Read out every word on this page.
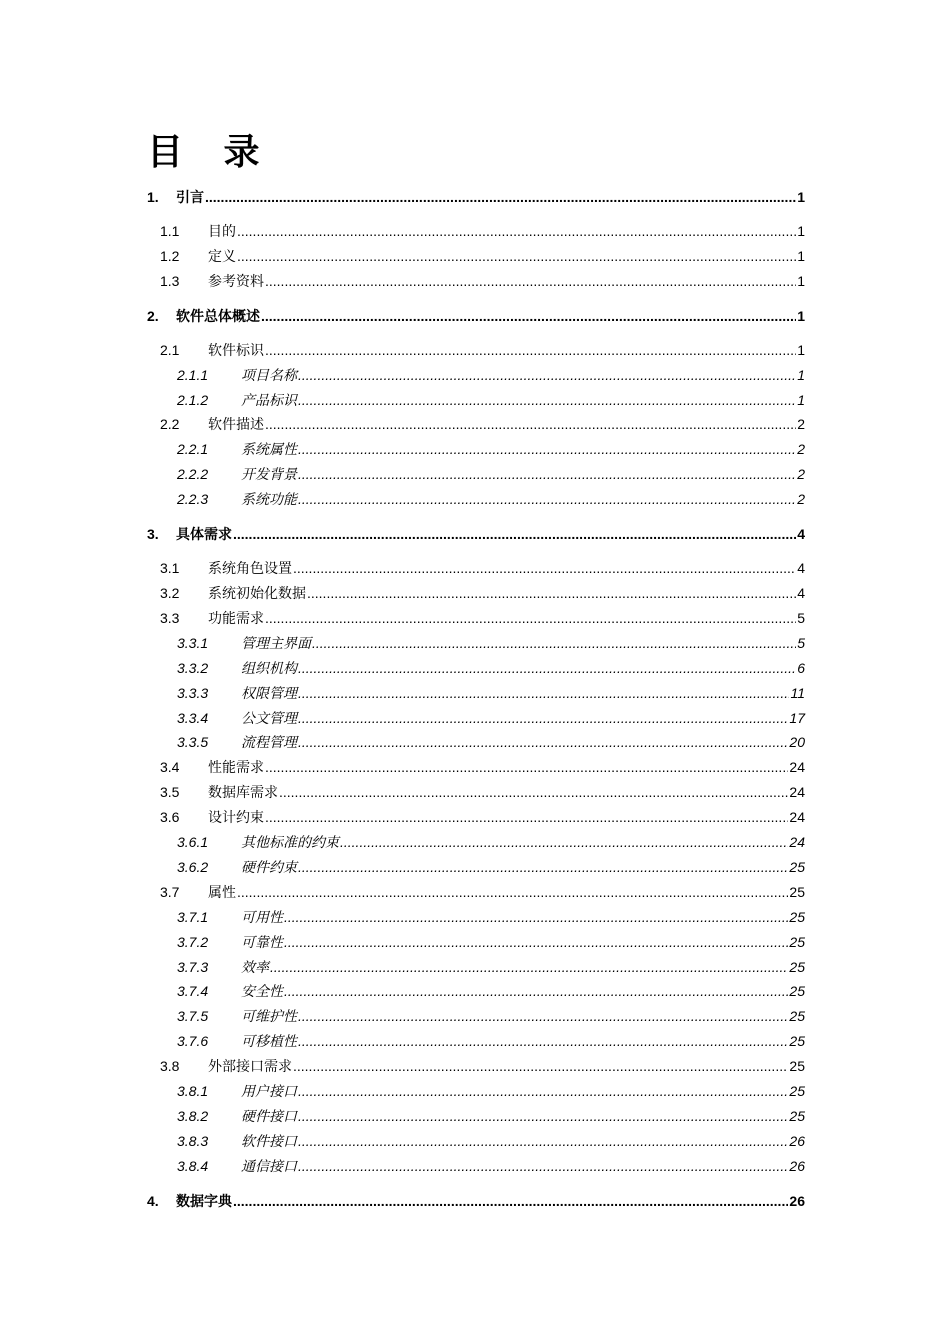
目 录
1.	引言 .....	1
1.1	目的 .....	1
1.2	定义 .....	1
1.3	参考资料 .....	1
2.	软件总体概述 .....	1
2.1	软件标识 .....	1
2.1.1	项目名称 .....	1
2.1.2	产品标识 .....	1
2.2	软件描述 .....	2
2.2.1	系统属性 .....	2
2.2.2	开发背景 .....	2
2.2.3	系统功能 .....	2
3.	具体需求 .....	4
3.1	系统角色设置 .....	4
3.2	系统初始化数据 .....	4
3.3	功能需求 .....	5
3.3.1	管理主界面 .....	5
3.3.2	组织机构 .....	6
3.3.3	权限管理 .....	11
3.3.4	公文管理 .....	17
3.3.5	流程管理 .....	20
3.4	性能需求 .....	24
3.5	数据库需求 .....	24
3.6	设计约束 .....	24
3.6.1	其他标准的约束 .....	24
3.6.2	硬件约束 .....	25
3.7	属性 .....	25
3.7.1	可用性 .....	25
3.7.2	可靠性 .....	25
3.7.3	效率 .....	25
3.7.4	安全性 .....	25
3.7.5	可维护性 .....	25
3.7.6	可移植性 .....	25
3.8	外部接口需求 .....	25
3.8.1	用户接口 .....	25
3.8.2	硬件接口 .....	25
3.8.3	软件接口 .....	26
3.8.4	通信接口 .....	26
4.	数据字典 .....	26
